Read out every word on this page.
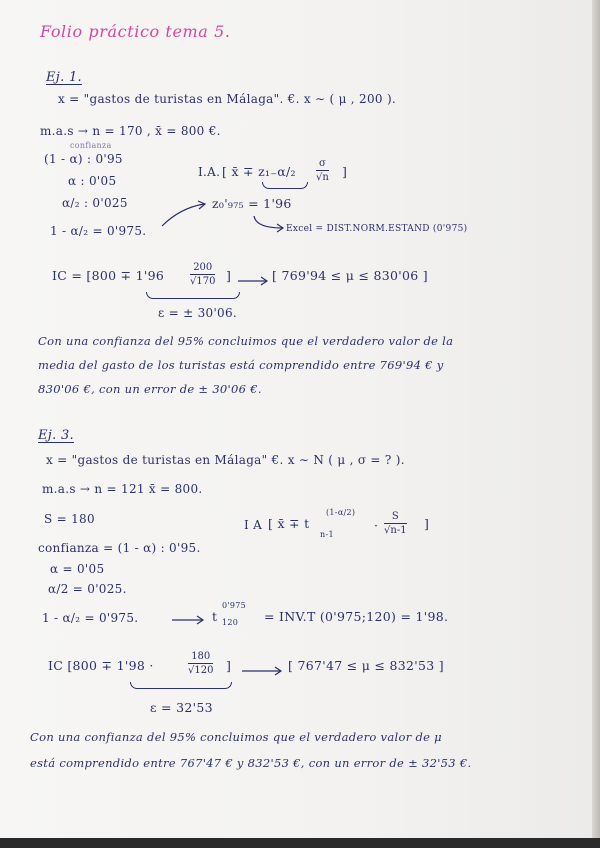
Folio práctico tema 5.
Ej. 1.
x = "gastos de turistas en Málaga". €. x ∼ ( μ , 200 ).
m.a.s → n = 170 , x̄ = 800 €.
confianza
(1 - α) : 0'95
α : 0'05
α/₂ : 0'025
1 - α/₂ = 0'975.
I.A. [ x̄ ∓ $z_{1-}\alpha/_2 \frac{\sigma}{√n}$ ]
z₀'₉₇₅ = 1'96
Excel = DIST.NORM.ESTAND (0'975)
IC = [800 ∓ 1'96	$\frac{200}{√170}$ ]	[ 769'94 ≤ μ ≤ 830'06 ]
ε = ± 30'06.
Con una confianza del 95% concluimos que el verdadero valor de la
media del gasto de los turistas está comprendido entre 769'94 € y
830'06 €, con un error de ± 30'06 €.
Ej. 3.
x = "gastos de turistas en Málaga" €. x ∼ N ( μ , σ = ? ).
m.a.s → n = 121 x̄ = 800.
S = 180	I A [ x̄ ∓ t
(1-α/2)
n-1
· $\frac{S}{√n-1}$ ]
confianza = (1 - α) : 0'95.
α = 0'05
α/2 = 0'025.
1 - α/₂ = 0'975.	t
0'975
120 = INV.T (0'975;120) = 1'98.
IC [800 ∓ 1'98 ·	$\frac{180}{√120}$ ]	[ 767'47 ≤ μ ≤ 832'53 ]
ε = 32'53
Con una confianza del 95% concluimos que el verdadero valor de μ
está comprendido entre 767'47 € y 832'53 €, con un error de ± 32'53 €.
